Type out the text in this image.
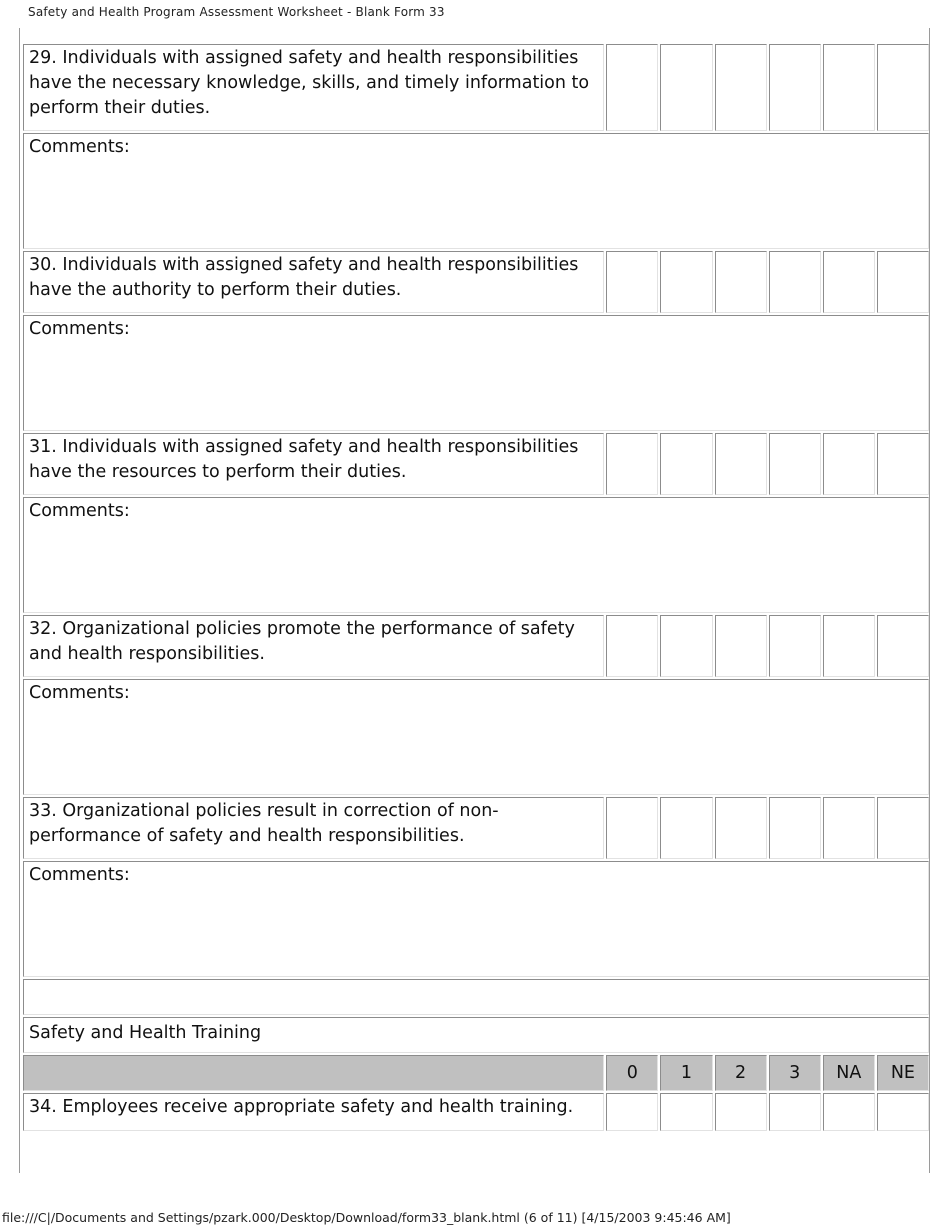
Safety and Health Program Assessment Worksheet - Blank Form 33
29. Individuals with assigned safety and health responsibilities have the necessary knowledge, skills, and timely information to perform their duties.						
Comments:						
30. Individuals with assigned safety and health responsibilities have the authority to perform their duties.						
Comments:						
31. Individuals with assigned safety and health responsibilities have the resources to perform their duties.						
Comments:						
32. Organizational policies promote the performance of safety and health responsibilities.						
Comments:						
33. Organizational policies result in correction of non-performance of safety and health responsibilities.						
Comments:						

Safety and Health Training						
	0	1	2	3	NA	NE
34. Employees receive appropriate safety and health training.						
file:///C|/Documents and Settings/pzark.000/Desktop/Download/form33_blank.html (6 of 11) [4/15/2003 9:45:46 AM]
